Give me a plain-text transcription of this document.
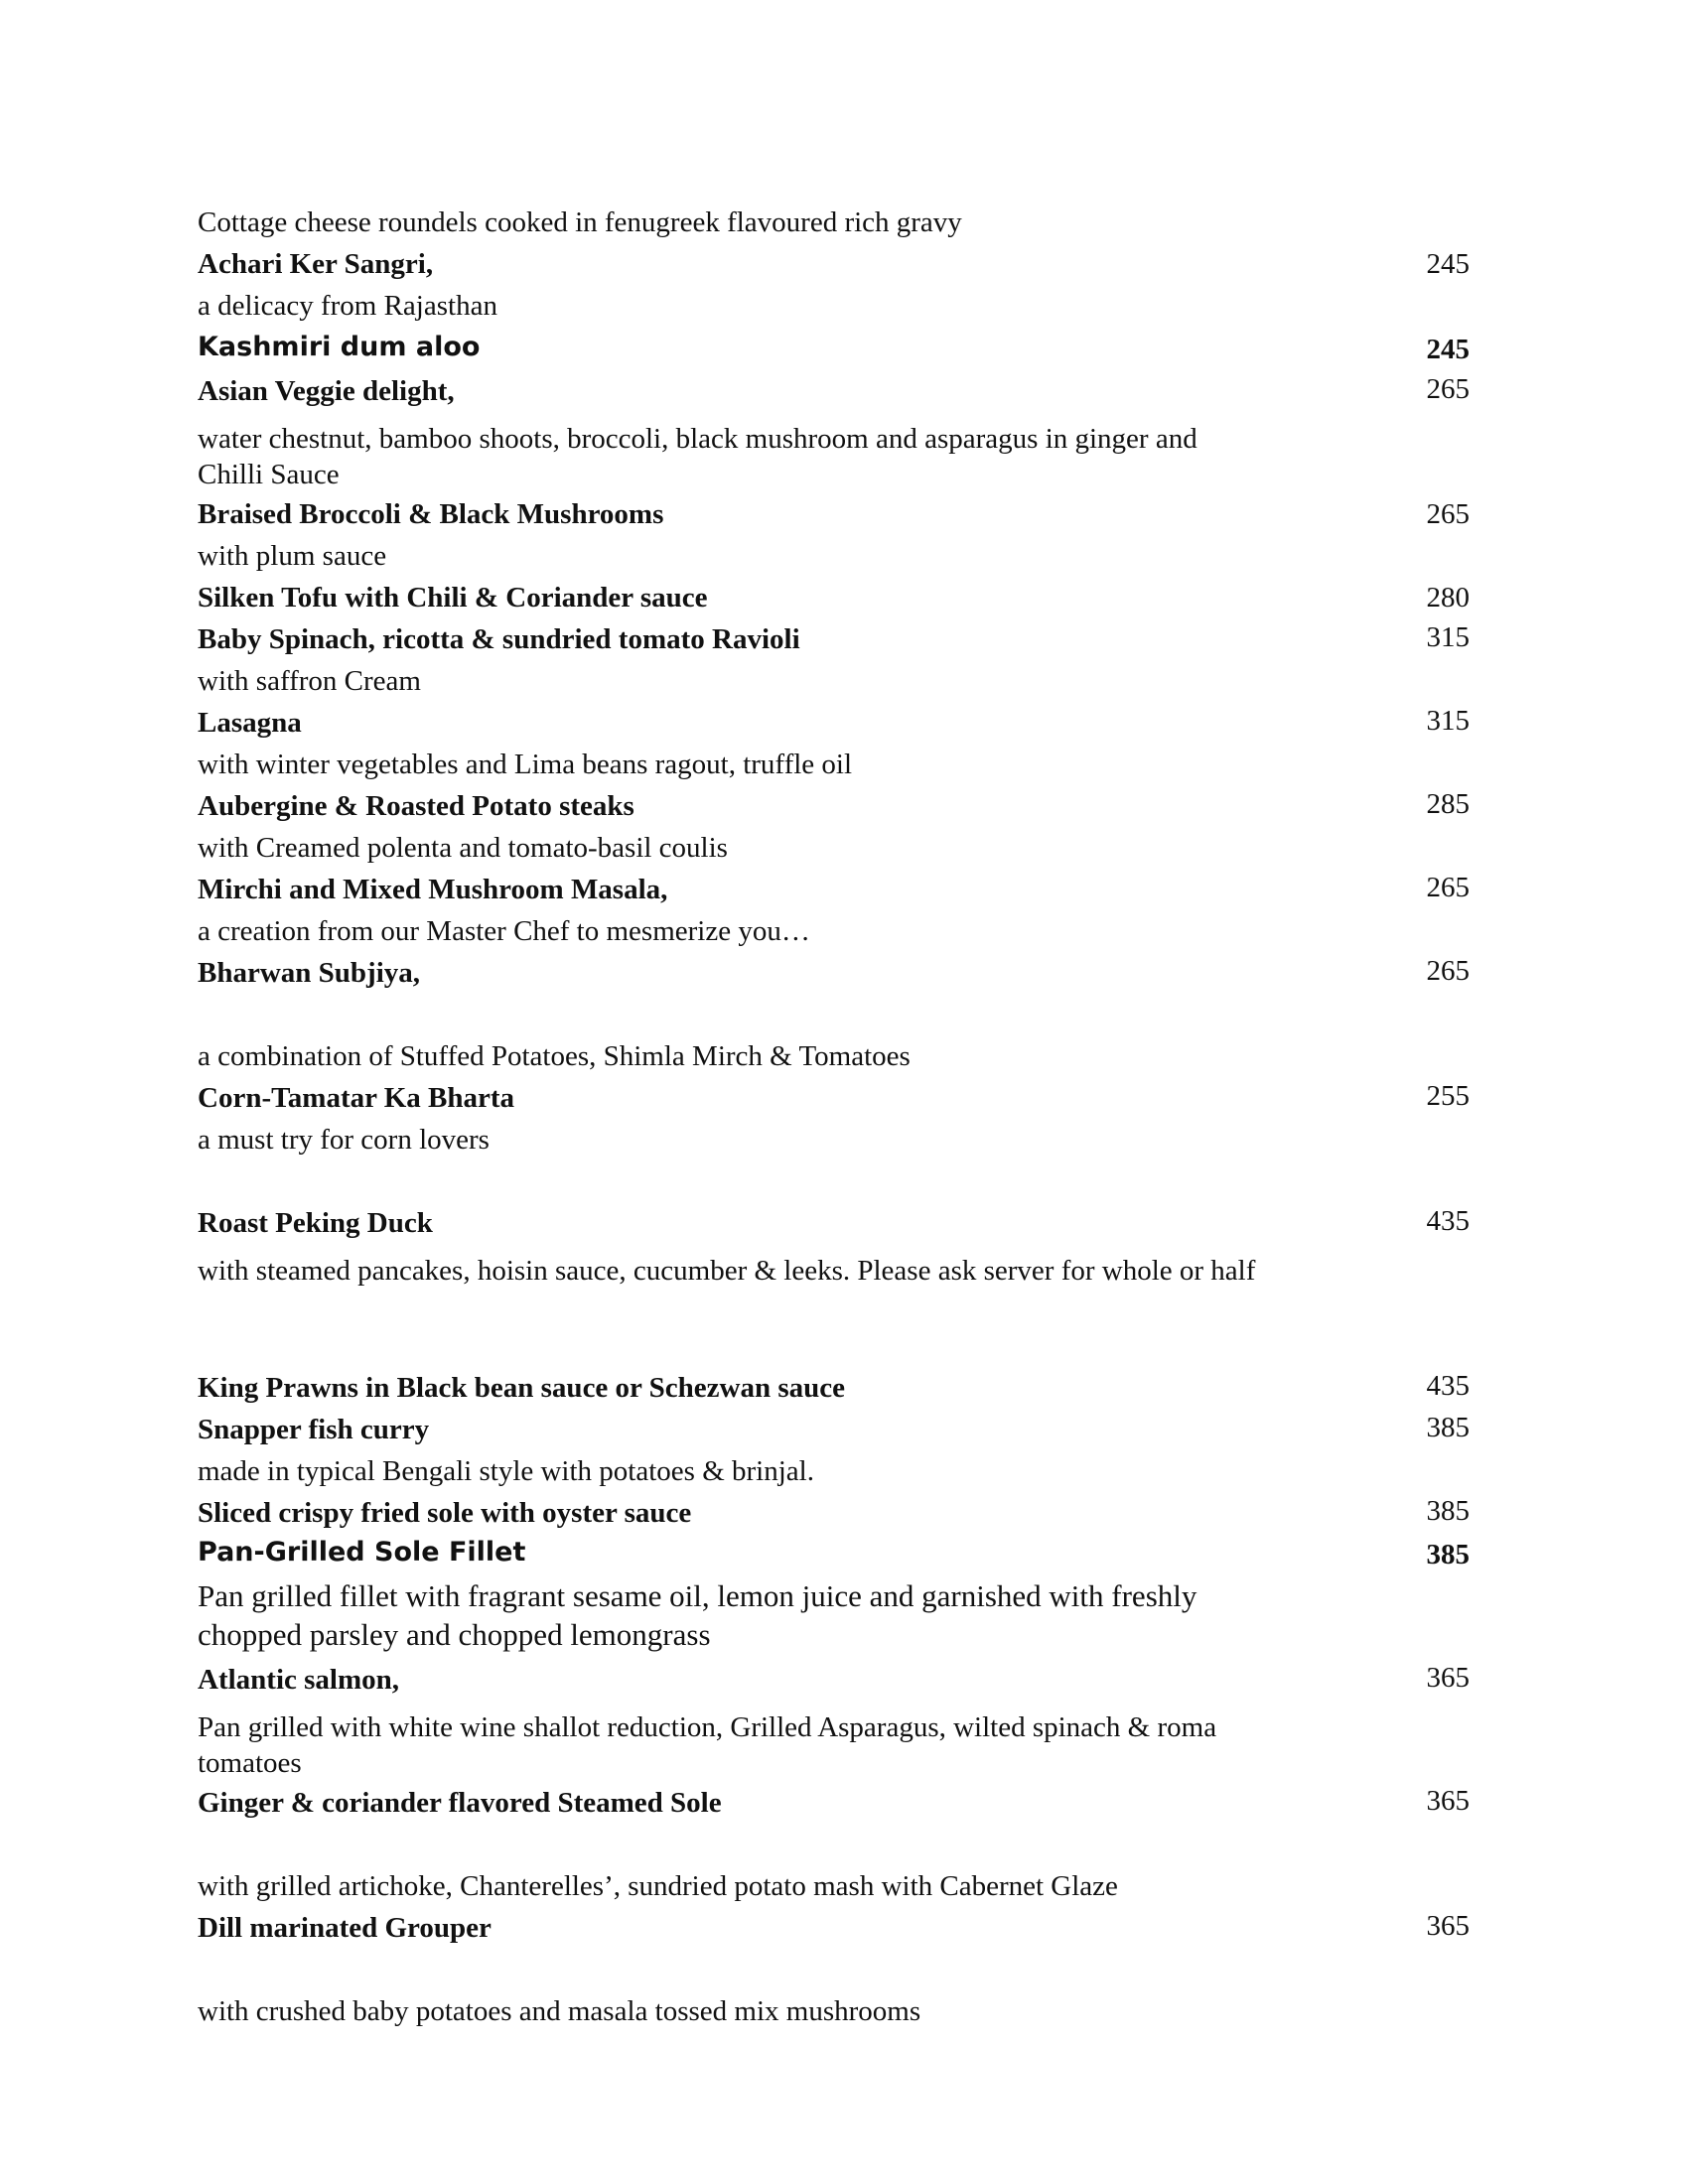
Cottage cheese roundels cooked in fenugreek flavoured rich gravy
Achari Ker Sangri,	245
a delicacy from Rajasthan
Kashmiri dum aloo	245
Asian Veggie delight,	265
water chestnut, bamboo shoots, broccoli, black mushroom and asparagus in ginger and Chilli Sauce
Braised Broccoli & Black Mushrooms	265
with plum sauce
Silken Tofu with Chili & Coriander sauce	280
Baby Spinach, ricotta & sundried tomato Ravioli	315
with saffron Cream
Lasagna	315
with winter vegetables and Lima beans ragout, truffle oil
Aubergine & Roasted Potato steaks	285
with Creamed polenta and tomato-basil coulis
Mirchi and Mixed Mushroom Masala,	265
a creation from our Master Chef to mesmerize you…
Bharwan Subjiya,	265
a combination of Stuffed Potatoes, Shimla Mirch & Tomatoes
Corn-Tamatar Ka Bharta	255
a must try for corn lovers
Roast Peking Duck	435
with steamed pancakes, hoisin sauce, cucumber & leeks. Please ask server for whole or half
King Prawns in Black bean sauce or Schezwan sauce	435
Snapper fish curry	385
made in typical Bengali style with potatoes & brinjal.
Sliced crispy fried sole with oyster sauce	385
Pan-Grilled Sole Fillet	385
Pan grilled fillet with fragrant sesame oil, lemon juice and garnished with freshly chopped parsley and chopped lemongrass
Atlantic salmon,	365
Pan grilled with white wine shallot reduction, Grilled Asparagus, wilted spinach & roma tomatoes
Ginger & coriander flavored Steamed Sole	365
with grilled artichoke, Chanterelles’, sundried potato mash with Cabernet Glaze
Dill marinated Grouper	365
with crushed baby potatoes and masala tossed mix mushrooms
